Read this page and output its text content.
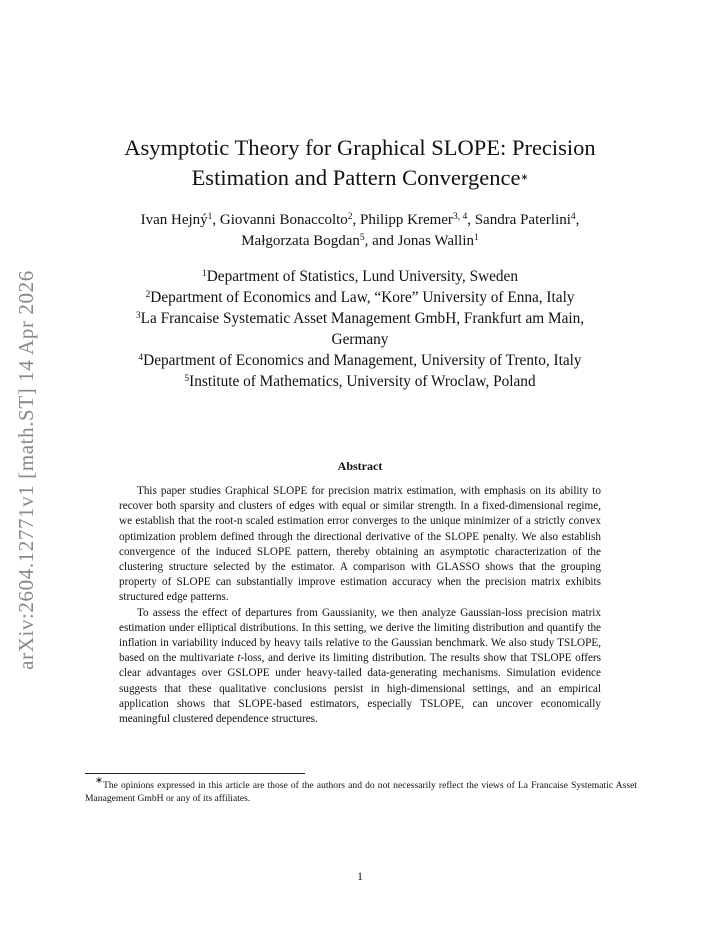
arXiv:2604.12771v1 [math.ST] 14 Apr 2026
Asymptotic Theory for Graphical SLOPE: Precision
Estimation and Pattern Convergence∗
Ivan Hejný$^1$, Giovanni Bonaccolto$^2$, Philipp Kremer$^{3, 4}$, Sandra Paterlini$^4$,
Małgorzata Bogdan$^5$, and Jonas Wallin$^1$
$^1$Department of Statistics, Lund University, Sweden
$^2$Department of Economics and Law, “Kore” University of Enna, Italy
$^3$La Francaise Systematic Asset Management GmbH, Frankfurt am Main,
Germany
$^4$Department of Economics and Management, University of Trento, Italy
$^5$Institute of Mathematics, University of Wroclaw, Poland
Abstract

This paper studies Graphical SLOPE for precision matrix estimation, with emphasis on its ability to recover both sparsity and clusters of edges with equal or similar strength. In a fixed-dimensional regime, we establish that the root-n scaled estimation error converges to the unique minimizer of a strictly convex optimization problem defined through the directional derivative of the SLOPE penalty. We also establish convergence of the induced SLOPE pattern, thereby obtaining an asymptotic characterization of the clustering structure selected by the estimator. A comparison with GLASSO shows that the grouping property of SLOPE can substantially improve estimation accuracy when the precision matrix exhibits structured edge patterns.

To assess the effect of departures from Gaussianity, we then analyze Gaussian-loss precision matrix estimation under elliptical distributions. In this setting, we derive the limiting distribution and quantify the inflation in variability induced by heavy tails relative to the Gaussian benchmark. We also study TSLOPE, based on the multivariate t-loss, and derive its limiting distribution. The results show that TSLOPE offers clear advantages over GSLOPE under heavy-tailed data-generating mechanisms. Simulation evidence suggests that these qualitative conclusions persist in high-dimensional settings, and an empirical application shows that SLOPE-based estimators, especially TSLOPE, can uncover economically meaningful clustered dependence structures.

∗The opinions expressed in this article are those of the authors and do not necessarily reflect the views of La Francaise Systematic Asset Management GmbH or any of its affiliates.
1
